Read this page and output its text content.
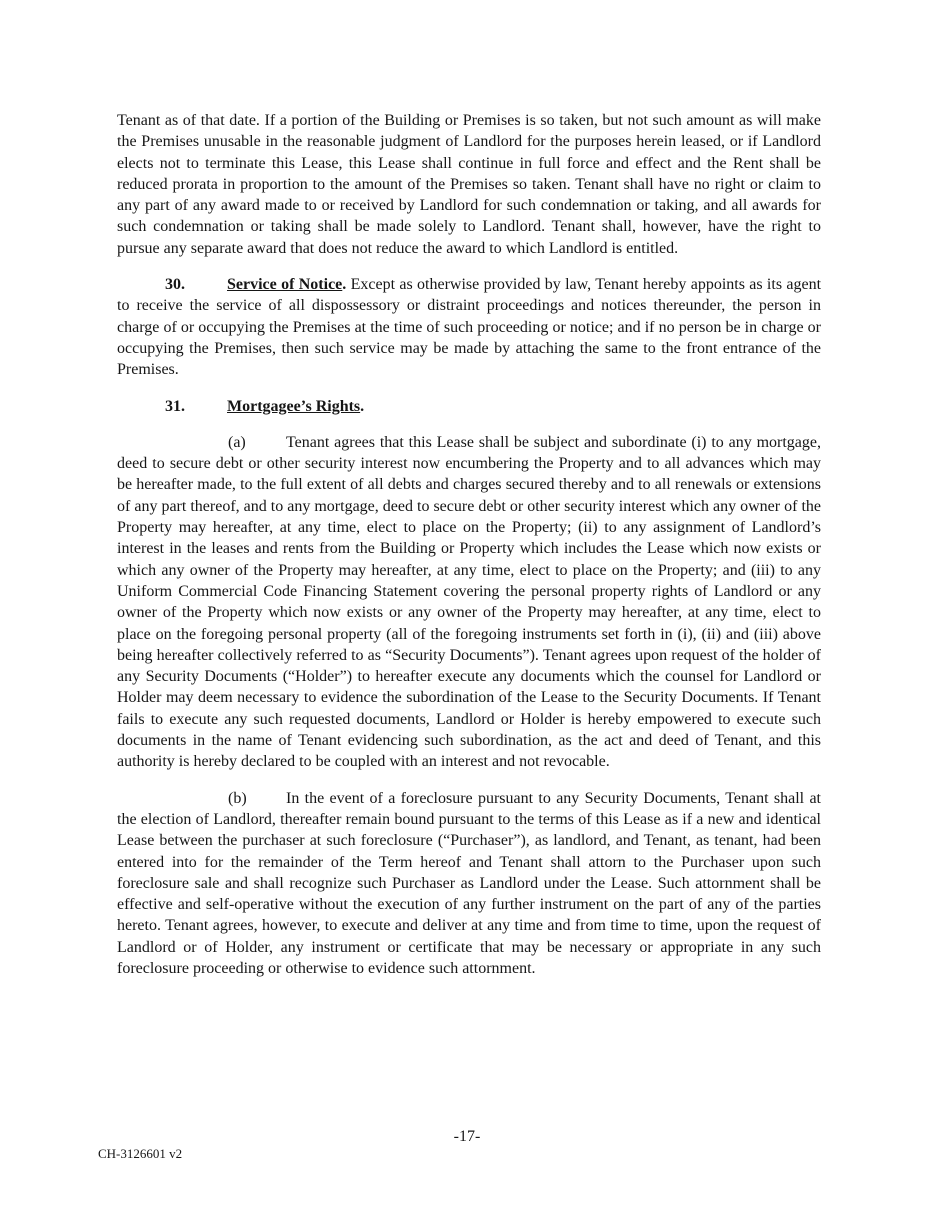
Tenant as of that date. If a portion of the Building or Premises is so taken, but not such amount as will make the Premises unusable in the reasonable judgment of Landlord for the purposes herein leased, or if Landlord elects not to terminate this Lease, this Lease shall continue in full force and effect and the Rent shall be reduced prorata in proportion to the amount of the Premises so taken. Tenant shall have no right or claim to any part of any award made to or received by Landlord for such condemnation or taking, and all awards for such condemnation or taking shall be made solely to Landlord. Tenant shall, however, have the right to pursue any separate award that does not reduce the award to which Landlord is entitled.

30.	Service of Notice. Except as otherwise provided by law, Tenant hereby appoints as its agent to receive the service of all dispossessory or distraint proceedings and notices thereunder, the person in charge of or occupying the Premises at the time of such proceeding or notice; and if no person be in charge or occupying the Premises, then such service may be made by attaching the same to the front entrance of the Premises.

31.	Mortgagee’s Rights.

(a)	Tenant agrees that this Lease shall be subject and subordinate (i) to any mortgage, deed to secure debt or other security interest now encumbering the Property and to all advances which may be hereafter made, to the full extent of all debts and charges secured thereby and to all renewals or extensions of any part thereof, and to any mortgage, deed to secure debt or other security interest which any owner of the Property may hereafter, at any time, elect to place on the Property; (ii) to any assignment of Landlord’s interest in the leases and rents from the Building or Property which includes the Lease which now exists or which any owner of the Property may hereafter, at any time, elect to place on the Property; and (iii) to any Uniform Commercial Code Financing Statement covering the personal property rights of Landlord or any owner of the Property which now exists or any owner of the Property may hereafter, at any time, elect to place on the foregoing personal property (all of the foregoing instruments set forth in (i), (ii) and (iii) above being hereafter collectively referred to as “Security Documents”). Tenant agrees upon request of the holder of any Security Documents (“Holder”) to hereafter execute any documents which the counsel for Landlord or Holder may deem necessary to evidence the subordination of the Lease to the Security Documents. If Tenant fails to execute any such requested documents, Landlord or Holder is hereby empowered to execute such documents in the name of Tenant evidencing such subordination, as the act and deed of Tenant, and this authority is hereby declared to be coupled with an interest and not revocable.

(b) In the event of a foreclosure pursuant to any Security Documents, Tenant shall at the election of Landlord, thereafter remain bound pursuant to the terms of this Lease as if a new and identical Lease between the purchaser at such foreclosure (“Purchaser”), as landlord, and Tenant, as tenant, had been entered into for the remainder of the Term hereof and Tenant shall attorn to the Purchaser upon such foreclosure sale and shall recognize such Purchaser as Landlord under the Lease. Such attornment shall be effective and self-operative without the execution of any further instrument on the part of any of the parties hereto. Tenant agrees, however, to execute and deliver at any time and from time to time, upon the request of Landlord or of Holder, any instrument or certificate that may be necessary or appropriate in any such foreclosure proceeding or otherwise to evidence such attornment.

-17-
CH-3126601 v2
